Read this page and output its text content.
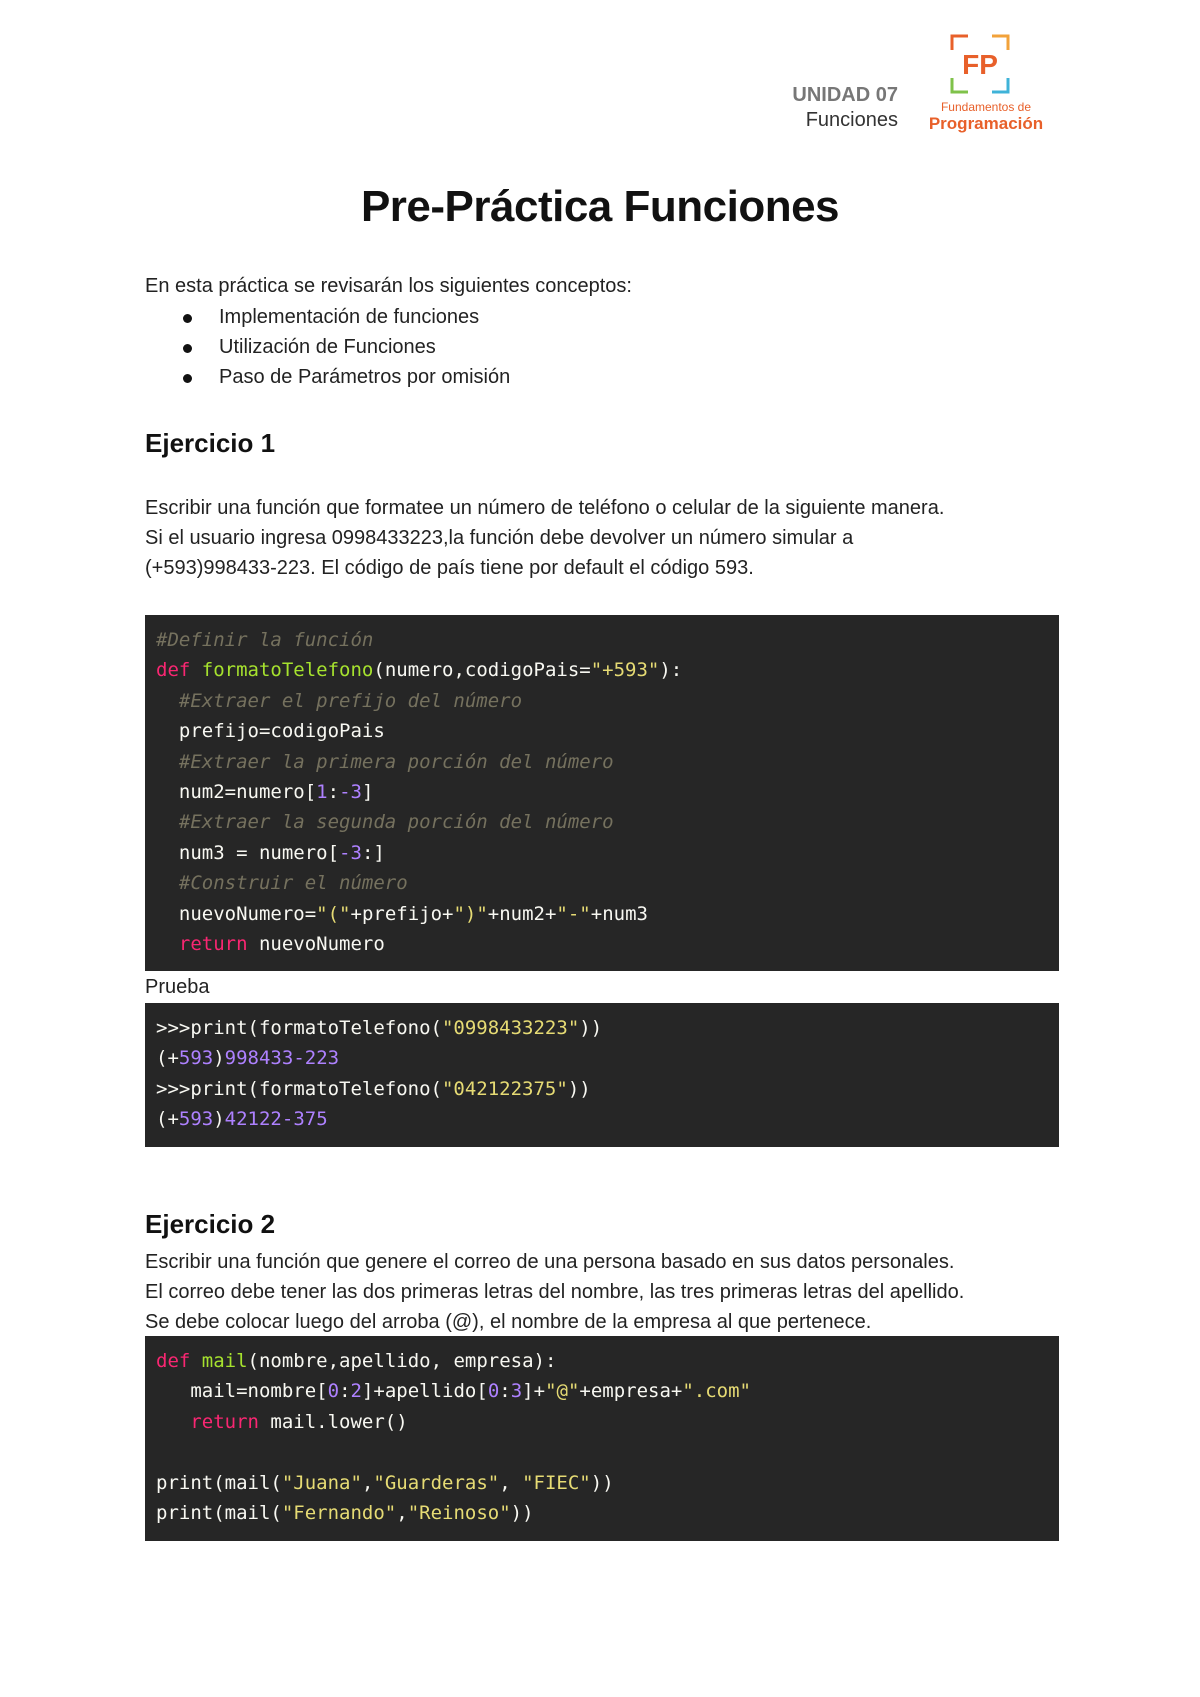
UNIDAD 07
Funciones
FP
Fundamentos de
Programación
Pre-Práctica Funciones
En esta práctica se revisarán los siguientes conceptos:
Implementación de funciones
Utilización de Funciones
Paso de Parámetros por omisión
Ejercicio 1
Escribir una función que formatee un número de teléfono o celular de la siguiente manera.
Si el usuario ingresa 0998433223,la función debe devolver un número simular a
(+593)998433-223. El código de país tiene por default el código 593.
#Definir la función
def formatoTelefono(numero,codigoPais="+593"):
#Extraer el prefijo del número
prefijo=codigoPais
#Extraer la primera porción del número
num2=numero[1:-3]
#Extraer la segunda porción del número
num3 = numero[-3:]
#Construir el número
nuevoNumero="("+prefijo+")"+num2+"-"+num3
return nuevoNumero
Prueba
>>>print(formatoTelefono("0998433223"))
(+593)998433-223
>>>print(formatoTelefono("042122375"))
(+593)42122-375
Ejercicio 2
Escribir una función que genere el correo de una persona basado en sus datos personales.
El correo debe tener las dos primeras letras del nombre, las tres primeras letras del apellido.
Se debe colocar luego del arroba (@), el nombre de la empresa al que pertenece.
def mail(nombre,apellido, empresa):
mail=nombre[0:2]+apellido[0:3]+"@"+empresa+".com"
return mail.lower()

print(mail("Juana","Guarderas", "FIEC"))
print(mail("Fernando","Reinoso"))
